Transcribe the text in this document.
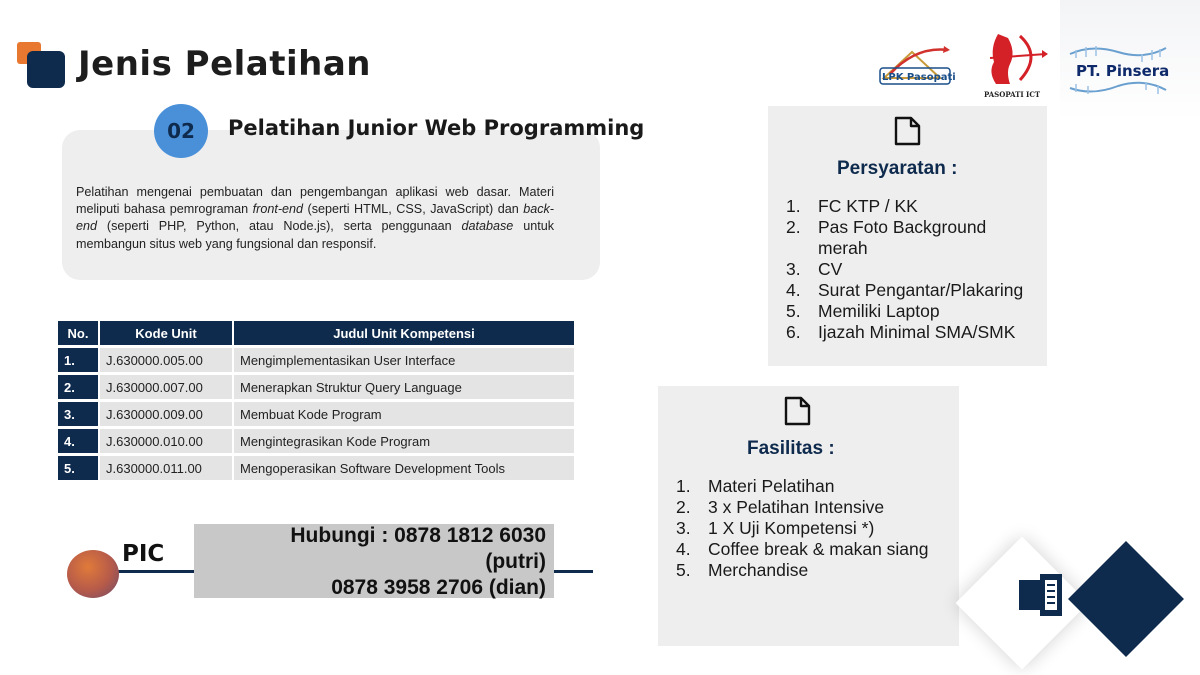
Jenis Pelatihan	LPK Pasopati
PASOPATI ICT
PT. Pinsera
02	Pelatihan Junior Web Programming

Pelatihan mengenai pembuatan dan pengembangan aplikasi web dasar. Materi meliputi bahasa pemrograman front-end (seperti HTML, CSS, JavaScript) dan back-end (seperti PHP, Python, atau Node.js), serta penggunaan database untuk membangun situs web yang fungsional dan responsif.

No.	Kode Unit	Judul Unit Kompetensi
1.	J.630000.005.00	Mengimplementasikan User Interface
2.	J.630000.007.00	Menerapkan Struktur Query Language
3.	J.630000.009.00	Membuat Kode Program
4.	J.630000.010.00	Mengintegrasikan Kode Program
5.	J.630000.011.00	Mengoperasikan Software Development Tools
PIC
Hubungi : 0878 1812 6030
(putri)
0878 3958 2706 (dian)
Persyaratan :
1. FC KTP / KK
2. Pas Foto Background merah
3. CV
4. Surat Pengantar/Plakaring
5. Memiliki Laptop
6. Ijazah Minimal SMA/SMK
Fasilitas :
1. Materi Pelatihan
2. 3 x Pelatihan Intensive
3. 1 X Uji Kompetensi *)
4. Coffee break & makan siang
5. Merchandise
